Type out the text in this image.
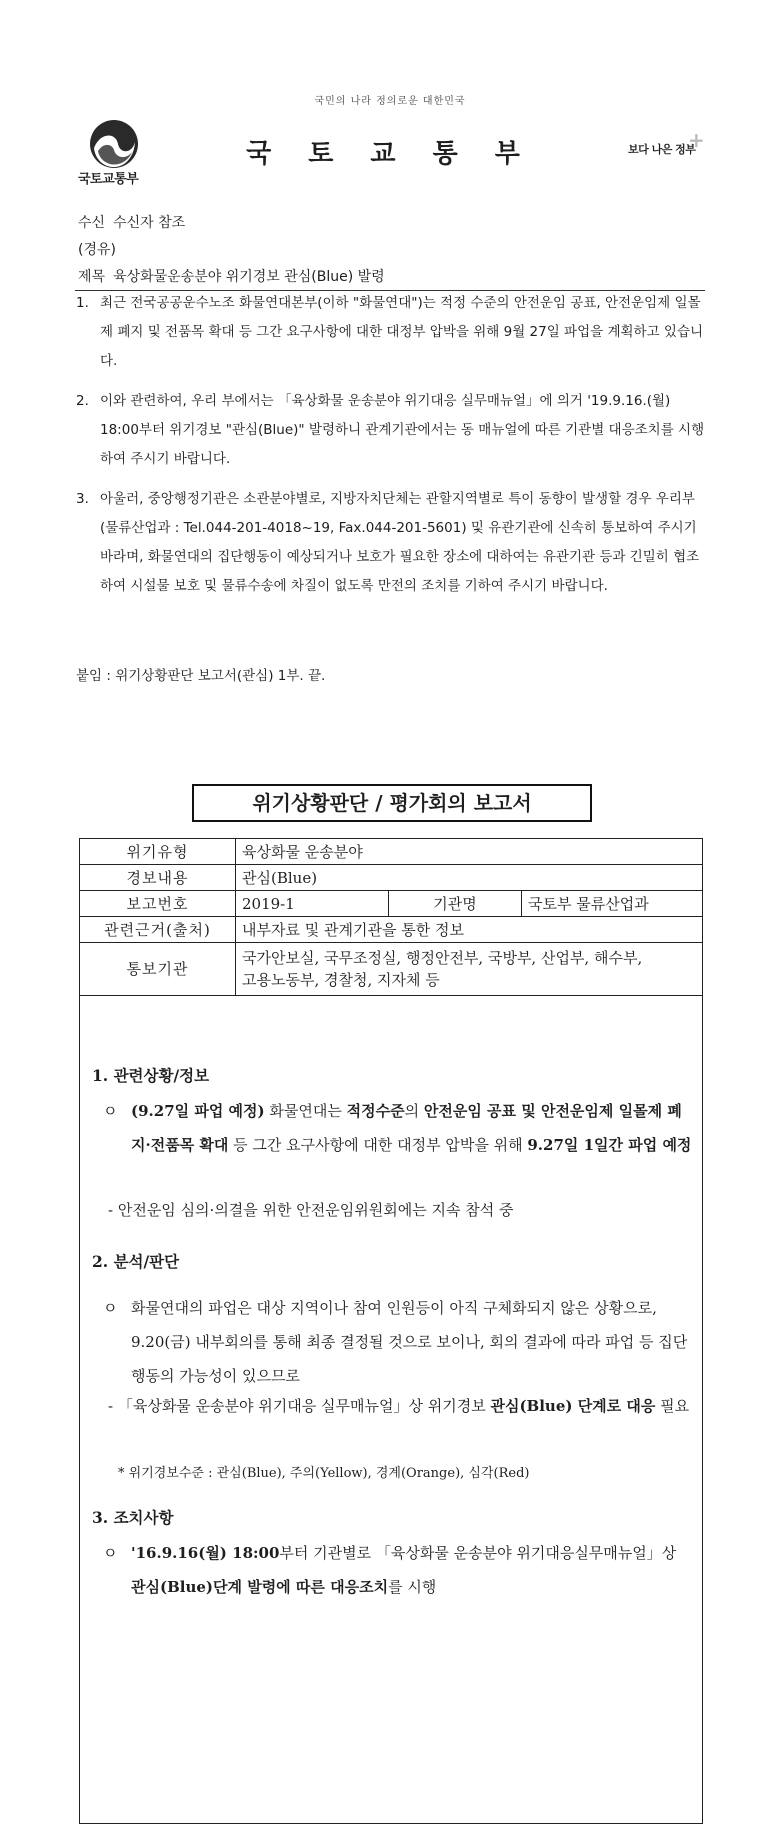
국민의 나라 정의로운 대한민국
국토교통부
국 토 교 통 부	보다 나은 정부
+
수신 수신자 참조
(경유)
제목 육상화물운송분야 위기경보 관심(Blue) 발령
1. 최근 전국공공운수노조 화물연대본부(이하 "화물연대")는 적정 수준의 안전운임 공표, 안전운임제 일몰제 폐지 및 전품목 확대 등 그간 요구사항에 대한 대정부 압박을 위해 9월 27일 파업을 계획하고 있습니다.
2. 이와 관련하여, 우리 부에서는 「육상화물 운송분야 위기대응 실무매뉴얼」에 의거 '19.9.16.(월) 18:00부터 위기경보 "관심(Blue)" 발령하니 관계기관에서는 동 매뉴얼에 따른 기관별 대응조치를 시행하여 주시기 바랍니다.
3. 아울러, 중앙행정기관은 소관분야별로, 지방자치단체는 관할지역별로 특이 동향이 발생할 경우 우리부(물류산업과 : Tel.044-201-4018~19, Fax.044-201-5601) 및 유관기관에 신속히 통보하여 주시기 바라며, 화물연대의 집단행동이 예상되거나 보호가 필요한 장소에 대하여는 유관기관 등과 긴밀히 협조하여 시설물 보호 및 물류수송에 차질이 없도록 만전의 조치를 기하여 주시기 바랍니다.
붙임 : 위기상황판단 보고서(관심) 1부. 끝.
위기상황판단 / 평가회의 보고서
위기유형	육상화물 운송분야		
경보내용	관심(Blue)		
보고번호	2019-1	기관명	국토부 물류산업과
관련근거(출처)	내부자료 및 관계기관을 통한 정보		
통보기관	국가안보실, 국무조정실, 행정안전부, 국방부, 산업부, 해수부,
고용노동부, 경찰청, 지자체 등		
1. 관련상황/정보
ㅇ (9.27일 파업 예정) 화물연대는 적정수준의 안전운임 공표 및 안전운임제 일몰제 폐지·전품목 확대 등 그간 요구사항에 대한 대정부 압박을 위해 9.27일 1일간 파업 예정
- 안전운임 심의·의결을 위한 안전운임위원회에는 지속 참석 중
2. 분석/판단
ㅇ 화물연대의 파업은 대상 지역이나 참여 인원등이 아직 구체화되지 않은 상황으로, 9.20(금) 내부회의를 통해 최종 결정될 것으로 보이나, 회의 결과에 따라 파업 등 집단 행동의 가능성이 있으므로
- 「육상화물 운송분야 위기대응 실무매뉴얼」상 위기경보 관심(Blue) 단계로 대응 필요
* 위기경보수준 : 관심(Blue), 주의(Yellow), 경계(Orange), 심각(Red)
3. 조치사항
ㅇ '16.9.16(월) 18:00부터 기관별로 「육상화물 운송분야 위기대응실무매뉴얼」상 관심(Blue)단계 발령에 따른 대응조치를 시행
